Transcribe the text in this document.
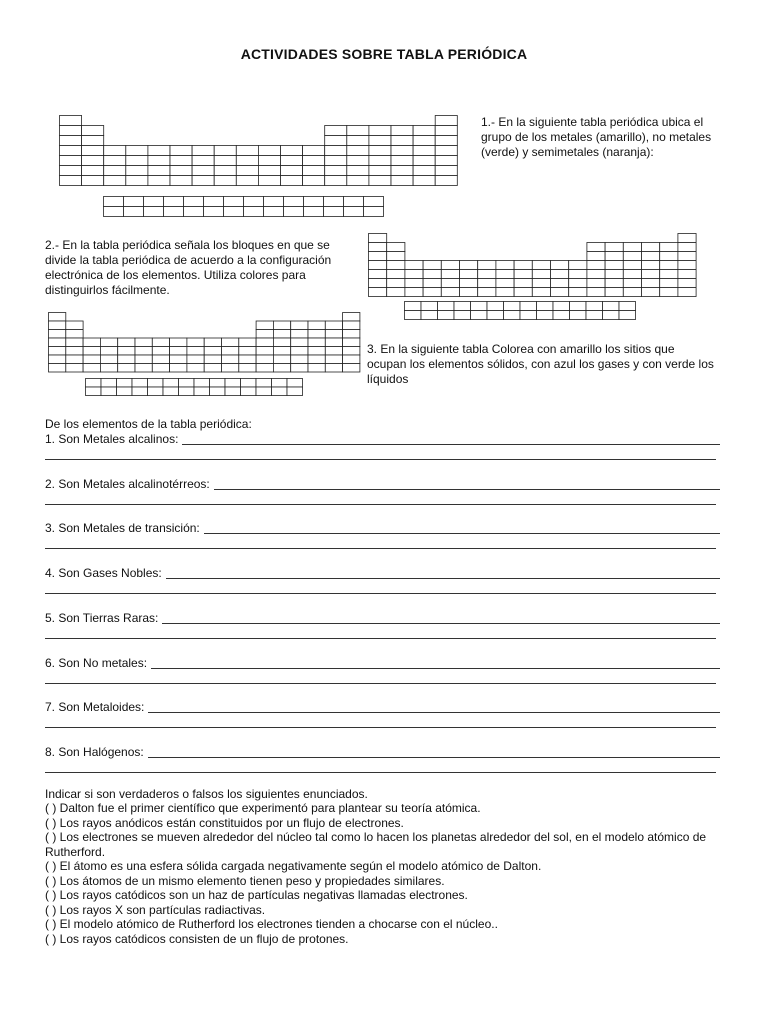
ACTIVIDADES SOBRE TABLA PERIÓDICA
1.- En la siguiente tabla periódica ubica el grupo de los metales (amarillo), no metales (verde) y semimetales (naranja):
2.- En la tabla periódica señala los bloques en que se divide la tabla periódica de acuerdo a la configuración electrónica de los elementos. Utiliza colores para distinguirlos fácilmente.
3. En la siguiente tabla Colorea con amarillo los sitios que ocupan los elementos sólidos, con azul los gases y con verde los líquidos
De los elementos de la tabla periódica:
1. Son Metales alcalinos:
2. Son Metales alcalinotérreos:
3. Son Metales de transición:
4. Son Gases Nobles:
5. Son Tierras Raras:
6. Son No metales:
7. Son Metaloides:
8. Son Halógenos:
Indicar si son verdaderos o falsos los siguientes enunciados.
( ) Dalton fue el primer científico que experimentó para plantear su teoría atómica.
( ) Los rayos anódicos están constituidos por un flujo de electrones.
( ) Los electrones se mueven alrededor del núcleo tal como lo hacen los planetas alrededor del sol, en el modelo atómico de Rutherford.
( ) El átomo es una esfera sólida cargada negativamente según el modelo atómico de Dalton.
( ) Los átomos de un mismo elemento tienen peso y propiedades similares.
( ) Los rayos catódicos son un haz de partículas negativas llamadas electrones.
( ) Los rayos X son partículas radiactivas.
( ) El modelo atómico de Rutherford los electrones tienden a chocarse con el núcleo..
( ) Los rayos catódicos consisten de un flujo de protones.
